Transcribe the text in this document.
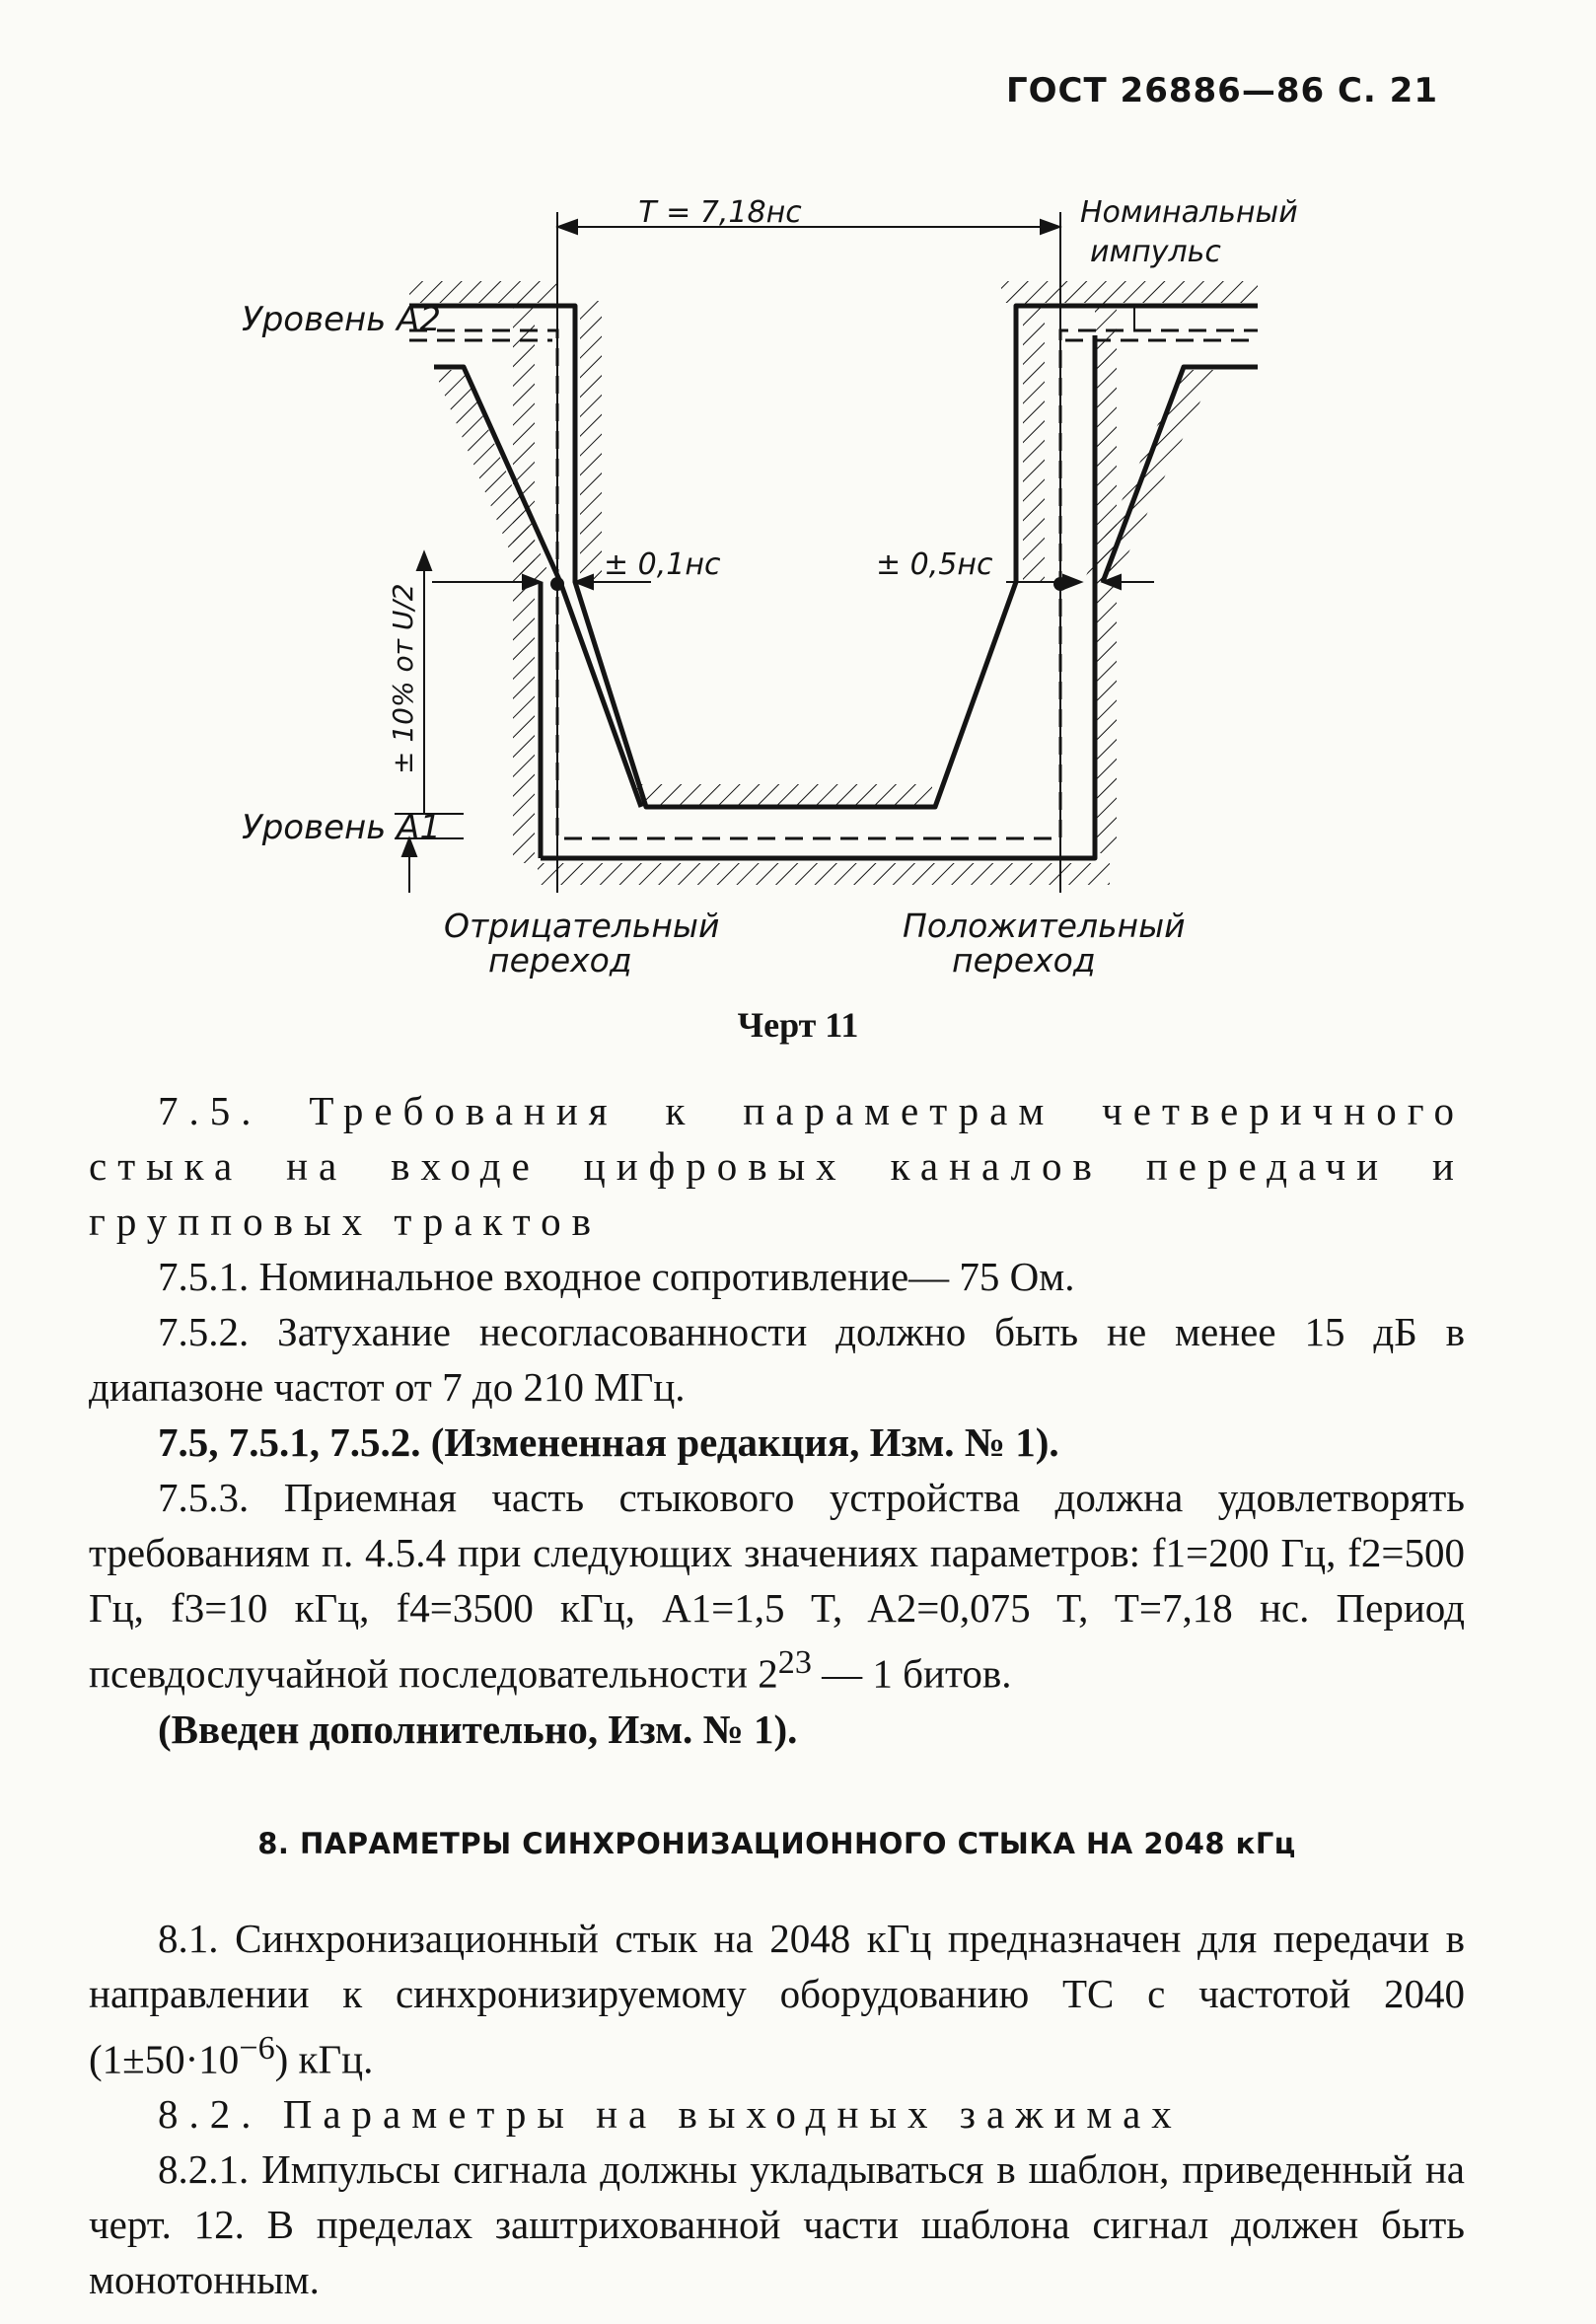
ГОСТ 26886—86 С. 21
T = 7,18нс	Номинальный
импульс
Уровень A2
Уровень A1
± 0,1нс	± 0,5нс
± 10% от U/2
Отрицательный
переход
Положительный
переход
Черт 11

7.5. Требования к параметрам четверичного стыка на входе цифровых каналов передачи и групповых трактов

7.5.1. Номинальное входное сопротивление— 75 Ом.

7.5.2. Затухание несогласованности должно быть не менее 15 дБ в диапазоне частот от 7 до 210 МГц.

7.5, 7.5.1, 7.5.2. (Измененная редакция, Изм. № 1).

7.5.3. Приемная часть стыкового устройства должна удовлетворять требованиям п. 4.5.4 при следующих значениях параметров: f1=200 Гц, f2=500 Гц, f3=10 кГц, f4=3500 кГц, A1=1,5 T, A2=0,075 T, T=7,18 нс. Период псевдослучайной последовательности $2^{23}$ — 1 битов.

(Введен дополнительно, Изм. № 1).

8. ПАРАМЕТРЫ СИНХРОНИЗАЦИОННОГО СТЫКА НА 2048 кГц

8.1. Синхронизационный стык на 2048 кГц предназначен для передачи в направлении к синхронизируемому оборудованию ТС с частотой 2040 $(1\pm 50\cdot 10^{-6})$ кГц.

8.2. Параметры на выходных зажимах

8.2.1. Импульсы сигнала должны укладываться в шаблон, приведенный на черт. 12. В пределах заштрихованной части шаблона сигнал должен быть монотонным.
